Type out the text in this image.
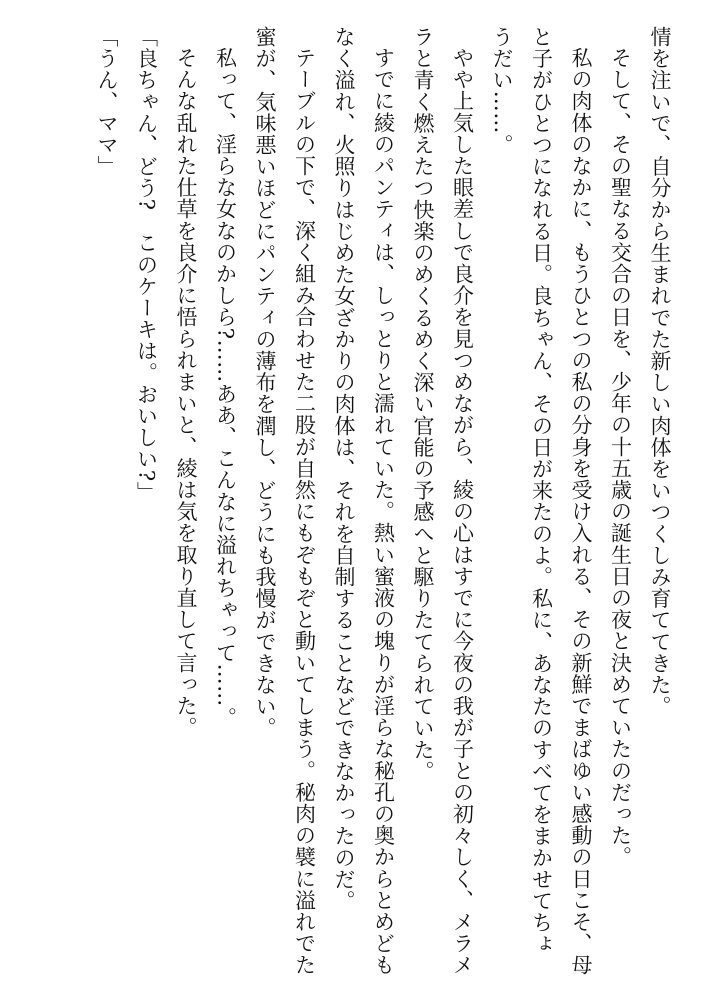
情を注いで、自分から生まれでた新しい肉体をいつくしみ育ててきた。

そして、その聖なる交合の日を、少年の十五歳の誕生日の夜と決めていたのだった。

私の肉体のなかに、もうひとつの私の分身を受け入れる、その新鮮でまばゆい感動の日こそ、母と子がひとつになれる日。良ちゃん、その日が来たのよ。私に、あなたのすべてをまかせてちょうだい……。

やや上気した眼差しで良介を見つめながら、綾の心はすでに今夜の我が子との初々しく、メラメラと青く燃えたつ快楽のめくるめく深い官能の予感へと駆りたてられていた。

すでに綾のパンティは、しっとりと濡れていた。熱い蜜液の塊りが淫らな秘孔の奥からとめどもなく溢れ、火照りはじめた女ざかりの肉体は、それを自制することなどできなかったのだ。

テーブルの下で、深く組み合わせた二股が自然にもぞもぞと動いてしまう。秘肉の襞に溢れでた蜜が、気味悪いほどにパンティの薄布を潤し、どうにも我慢ができない。

私って、淫らな女なのかしら?……ああ、こんなに溢れちゃって……。

そんな乱れた仕草を良介に悟られまいと、綾は気を取り直して言った。

「良ちゃん、どう?　このケーキは。おいしい?」

「うん、ママ」
